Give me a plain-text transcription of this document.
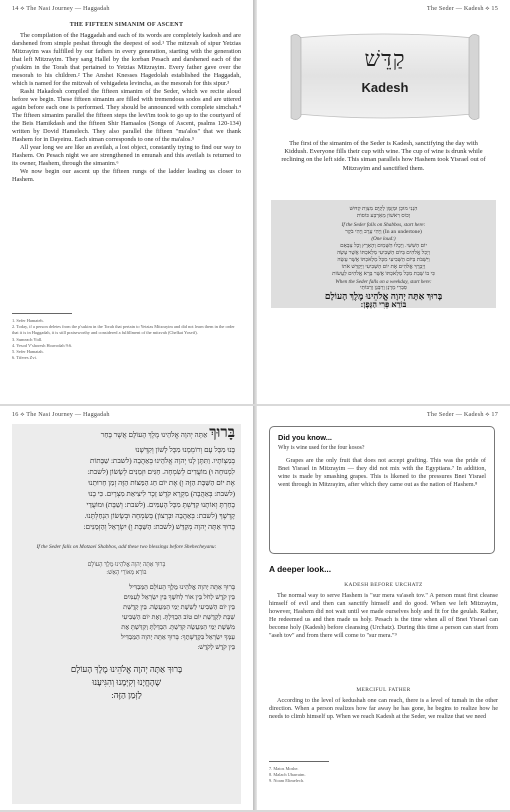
14 ⟡ The Nasi Journey — Haggadah
THE FIFTEEN SIMANIM OF ASCENT

The compilation of the Haggadah and each of its words are completely kadosh and are darshened from simple peshat through the deepest of sod.¹ The mitzvah of sipur Yetzias Mitzrayim was fulfilled by our fathers in every generation, starting with the generation that left Mitzrayim. They sang Hallel by the korban Pesach and darshened each of the p'sukim in the Torah that pertained to Yetzias Mitzrayim. Every father gave over the mesorah to his children.² The Anshei Knesses Hagedolah established the Haggadah, which is named for the mitzvah of vehigadeta levincha, as the mesorah for this sipur.³

Rashi Hakadosh compiled the fifteen simanim of the Seder, which we recite aloud before we begin. These fifteen simanim are filled with tremendous sodos and are uttered again before each one is performed. They should be announced with complete simchah.⁴ The fifteen simanim parallel the fifteen steps the levi'im took to go up to the courtyard of the Beis Hamikdash and the fifteen Shir Hamaalos (Songs of Ascent, psalms 120-134) written by Dovid Hamelech. They also parallel the fifteen "ma'alos" that we thank Hashem for in Dayeinu. Each siman corresponds to one of the ma'alos.⁵

All year long we are like an aveilah, a lost object, constantly trying to find our way to Hashem. On Pesach night we are strengthened in emunah and this aveilah is returned to its owner, Hashem, through the simanim.⁶

We now begin our ascent up the fifteen rungs of the ladder leading us closer to Hashem.

1. Sefer Hamateh.
2. Today, if a person deletes from the p'sukim in the Torah that pertain to Yetzias Mitzrayim and did not learn them in the order that it is in Haggadah, it is still praiseworthy and considered a fulfillment of the mitzvah (Chelkat Yoseif).
3. Sumeach Yidl.
4. Yesod V'shoresh Hoavodah 9:6.
5. Sefer Hamatah.
6. Tiferes Zvi.
The Seder — Kadesh ⟡ 15
קַדֵּשׁ
Kadesh
The first of the simanim of the Seder is Kadesh, sanctifying the day with Kiddush. Everyone fills their cup with wine. The cup of wine is drunk while reclining on the left side. This siman parallels how Hashem took Yisrael out of Mitzrayim and sanctified them.
הִנְנִי מוּכָן וּמְזֻמָּן לְקַיֵּם מִצְוַת קִדּוּשׁ
וְכוֹס רִאשׁוֹן מֵאַרְבַּע כּוֹסוֹת
If the Seder falls on Shabbos, start here:
(In an undertone) וַיְהִי עֶרֶב וַיְהִי בֹקֶר
(One loud:)
יוֹם הַשִּׁשִּׁי. וַיְכֻלּוּ הַשָּׁמַיִם וְהָאָרֶץ וְכָל צְבָאָם
וַיְכַל אֱלֹהִים בַּיּוֹם הַשְּׁבִיעִי מְלַאכְתּוֹ אֲשֶׁר עָשָׂה
וַיִּשְׁבֹּת בַּיּוֹם הַשְּׁבִיעִי מִכָּל מְלַאכְתּוֹ אֲשֶׁר עָשָׂה
וַיְבָרֶךְ אֱלֹהִים אֶת יוֹם הַשְּׁבִיעִי וַיְקַדֵּשׁ אֹתוֹ
כִּי בוֹ שָׁבַת מִכָּל מְלַאכְתּוֹ אֲשֶׁר בָּרָא אֱלֹהִים לַעֲשׂוֹת
When the Seder falls on a weekday, start here:
סַבְרִי מָרָנָן וְרַבָּנָן וְרַבּוֹתַי
בָּרוּךְ אַתָּה יְהוָה אֱלֹהֵינוּ מֶלֶךְ הָעוֹלָם
בּוֹרֵא פְּרִי הַגָּפֶן:
16 ⟡ The Nasi Journey — Haggadah
בָּרוּךְ אַתָּה יְהוָה אֱלֹהֵינוּ מֶלֶךְ הָעוֹלָם אֲשֶׁר בָּחַר
בָּנוּ מִכָּל עָם וְרוֹמְמָנוּ מִכָּל לָשׁוֹן וְקִדְּשָׁנוּ
בְּמִצְוֹתָיו. וַתִּתֶּן לָנוּ יְהוָה אֱלֹהֵינוּ בְּאַהֲבָה (לשבת: שַׁבָּתוֹת
לִמְנוּחָה וּ) מוֹעֲדִים לְשִׂמְחָה. חַגִּים וּזְמַנִּים לְשָׂשׂוֹן (לשבת:
אֶת יוֹם הַשַּׁבָּת הַזֶּה וְ) אֶת יוֹם חַג הַמַּצּוֹת הַזֶּה זְמַן חֵרוּתֵנוּ
(לשבת: בְּאַהֲבָה) מִקְרָא קֹדֶשׁ זֵכֶר לִיצִיאַת מִצְרָיִם. כִּי בָנוּ
בָחַרְתָּ וְאוֹתָנוּ קִדַּשְׁתָּ מִכָּל הָעַמִּים. (לשבת: וְשַׁבָּת) וּמוֹעֲדֵי
קָדְשֶׁךָ (לשבת: בְּאַהֲבָה וּבְרָצוֹן) בְּשִׂמְחָה וּבְשָׂשׂוֹן הִנְחַלְתָּנוּ.
בָּרוּךְ אַתָּה יְהוָה מְקַדֵּשׁ (לשבת: הַשַּׁבָּת וְ) יִשְׂרָאֵל וְהַזְּמַנִּים:
If the Seder falls on Motzaei Shabbos, add these two blessings before Shehecheyanu:
בָּרוּךְ אַתָּה יְהוָה אֱלֹהֵינוּ מֶלֶךְ הָעוֹלָם
בּוֹרֵא מְאוֹרֵי הָאֵשׁ:
בָּרוּךְ אַתָּה יְהוָה אֱלֹהֵינוּ מֶלֶךְ הָעוֹלָם הַמַּבְדִּיל
בֵּין קֹדֶשׁ לְחֹל בֵּין אוֹר לְחֹשֶׁךְ בֵּין יִשְׂרָאֵל לָעַמִּים
בֵּין יוֹם הַשְּׁבִיעִי לְשֵׁשֶׁת יְמֵי הַמַּעֲשֶׂה. בֵּין קְדֻשַּׁת
שַׁבָּת לִקְדֻשַּׁת יוֹם טוֹב הִבְדַּלְתָּ. וְאֶת יוֹם הַשְּׁבִיעִי
מִשֵּׁשֶׁת יְמֵי הַמַּעֲשֶׂה קִדַּשְׁתָּ. הִבְדַּלְתָּ וְקִדַּשְׁתָּ אֶת
עַמְּךָ יִשְׂרָאֵל בִּקְדֻשָּׁתֶךָ: בָּרוּךְ אַתָּה יְהוָה הַמַּבְדִּיל
בֵּין קֹדֶשׁ לְקֹדֶשׁ:
בָּרוּךְ אַתָּה יְהוָה אֱלֹהֵינוּ מֶלֶךְ הָעוֹלָם
שֶׁהֶחֱיָנוּ וְקִיְּמָנוּ וְהִגִּיעָנוּ
לַזְּמַן הַזֶּה:
The Seder — Kadesh ⟡ 17
Did you know...
Why is wine used for the four kosos?
Grapes are the only fruit that does not accept grafting. This was the pride of Bnei Yisrael in Mitzrayim — they did not mix with the Egyptians.⁷ In addition, wine is made by smashing grapes. This is likened to the pressures Bnei Yisrael went through in Mitzrayim, after which they came out as the nation of Hashem.⁸
A deeper look...
KADESH BEFORE URCHATZ

The normal way to serve Hashem is "sur mera va'aseh tov." A person must first cleanse himself of evil and then can sanctify himself and do good. When we left Mitzrayim, however, Hashem did not wait until we made ourselves holy and fit for the geulah. Rather, He redeemed us and then made us holy. Pesach is the time when all of Bnei Yisrael can become holy (Kadesh) before cleansing (Urchatz). During this time a person can start from "aseh tov" and from there will come to "sur mera."⁹

MERCIFUL FATHER

According to the level of kedushah one can reach, there is a level of tumah in the other direction. When a person realizes how far away he has gone, he begins to realize how he needs to climb himself up. When we reach Kadesh at the Seder, we realize that we need

7. Matos Moshe.
8. Malach Ubarraim.
9. Noam Elimelech.
